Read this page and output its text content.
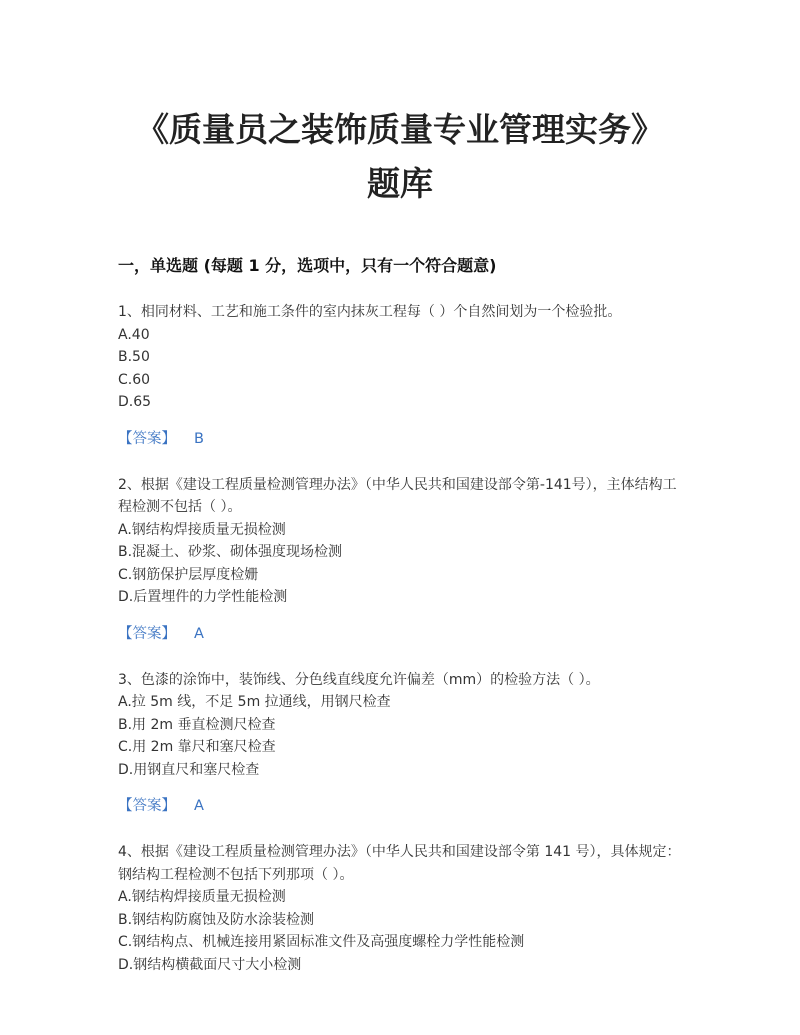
《质量员之装饰质量专业管理实务》
题库
一，单选题 (每题 1 分，选项中，只有一个符合题意)

1、相同材料、工艺和施工条件的室内抹灰工程每（ ）个自然间划为一个检验批。

A.40

B.50

C.60

D.65

【答案】 B

2、根据《建设工程质量检测管理办法》（中华人民共和国建设部令第-141号），主体结构工程检测不包括（ ）。

A.钢结构焊接质量无损检测

B.混凝土、砂浆、砌体强度现场检测

C.钢筋保护层厚度检姗

D.后置埋件的力学性能检测

【答案】 A

3、色漆的涂饰中，装饰线、分色线直线度允许偏差（mm）的检验方法（ ）。

A.拉 5m 线，不足 5m 拉通线，用钢尺检查

B.用 2m 垂直检测尺检查

C.用 2m 靠尺和塞尺检查

D.用钢直尺和塞尺检查

【答案】 A

4、根据《建设工程质量检测管理办法》（中华人民共和国建设部令第 141 号），具体规定：钢结构工程检测不包括下列那项（ ）。

A.钢结构焊接质量无损检测

B.钢结构防腐蚀及防水涂装检测

C.钢结构点、机械连接用紧固标准文件及高强度螺栓力学性能检测

D.钢结构横截面尺寸大小检测
